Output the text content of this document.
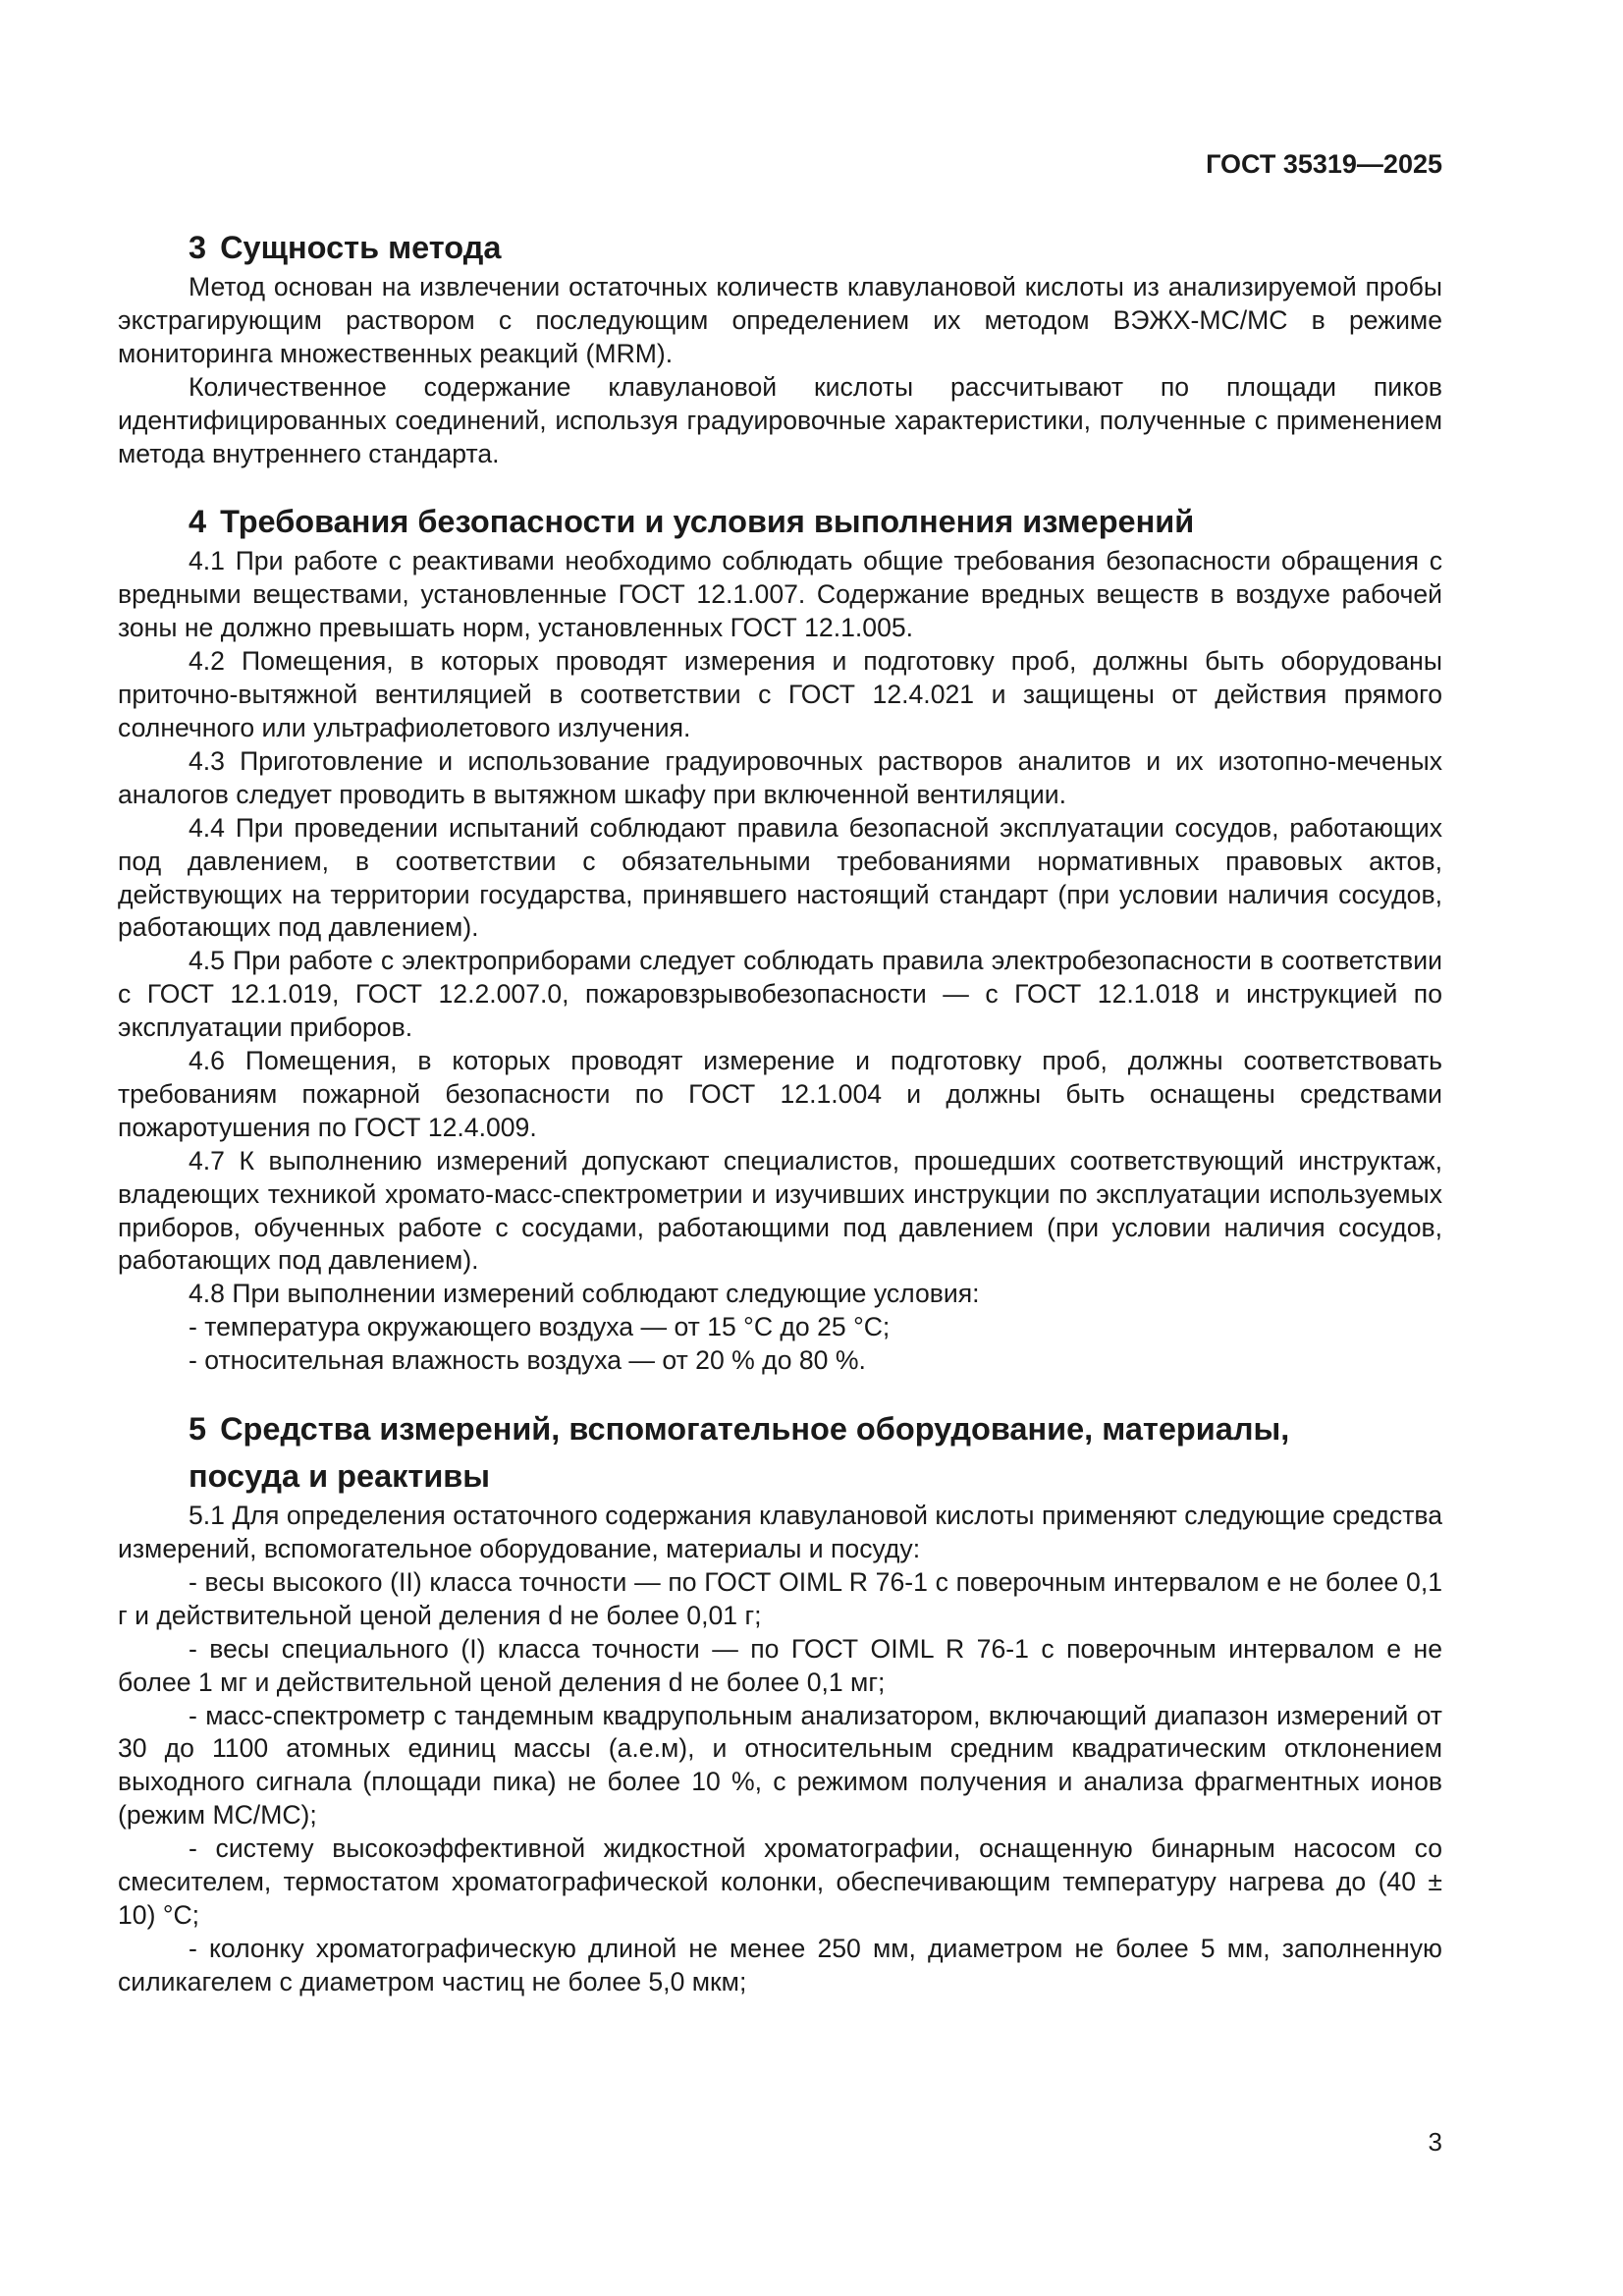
ГОСТ 35319—2025

3 Сущность метода

Метод основан на извлечении остаточных количеств клавулановой кислоты из анализируемой пробы экстрагирующим раствором с последующим определением их методом ВЭЖХ-МС/МС в режиме мониторинга множественных реакций (MRM).

Количественное содержание клавулановой кислоты рассчитывают по площади пиков идентифицированных соединений, используя градуировочные характеристики, полученные с применением метода внутреннего стандарта.

4 Требования безопасности и условия выполнения измерений

4.1 При работе с реактивами необходимо соблюдать общие требования безопасности обращения с вредными веществами, установленные ГОСТ 12.1.007. Содержание вредных веществ в воздухе рабочей зоны не должно превышать норм, установленных ГОСТ 12.1.005.

4.2 Помещения, в которых проводят измерения и подготовку проб, должны быть оборудованы приточно-вытяжной вентиляцией в соответствии с ГОСТ 12.4.021 и защищены от действия прямого солнечного или ультрафиолетового излучения.

4.3 Приготовление и использование градуировочных растворов аналитов и их изотопно-меченых аналогов следует проводить в вытяжном шкафу при включенной вентиляции.

4.4 При проведении испытаний соблюдают правила безопасной эксплуатации сосудов, работающих под давлением, в соответствии с обязательными требованиями нормативных правовых актов, действующих на территории государства, принявшего настоящий стандарт (при условии наличия сосудов, работающих под давлением).

4.5 При работе с электроприборами следует соблюдать правила электробезопасности в соответствии с ГОСТ 12.1.019, ГОСТ 12.2.007.0, пожаровзрывобезопасности — с ГОСТ 12.1.018 и инструкцией по эксплуатации приборов.

4.6 Помещения, в которых проводят измерение и подготовку проб, должны соответствовать требованиям пожарной безопасности по ГОСТ 12.1.004 и должны быть оснащены средствами пожаротушения по ГОСТ 12.4.009.

4.7 К выполнению измерений допускают специалистов, прошедших соответствующий инструктаж, владеющих техникой хромато-масс-спектрометрии и изучивших инструкции по эксплуатации используемых приборов, обученных работе с сосудами, работающими под давлением (при условии наличия сосудов, работающих под давлением).

4.8 При выполнении измерений соблюдают следующие условия:

- температура окружающего воздуха — от 15 °С до 25 °С;

- относительная влажность воздуха — от 20 % до 80 %.

5 Средства измерений, вспомогательное оборудование, материалы,
посуда и реактивы

5.1 Для определения остаточного содержания клавулановой кислоты применяют следующие средства измерений, вспомогательное оборудование, материалы и посуду:

- весы высокого (II) класса точности — по ГОСТ OIML R 76-1 с поверочным интервалом е не более 0,1 г и действительной ценой деления d не более 0,01 г;

- весы специального (I) класса точности — по ГОСТ OIML R 76-1 с поверочным интервалом е не более 1 мг и действительной ценой деления d не более 0,1 мг;

- масс-спектрометр с тандемным квадрупольным анализатором, включающий диапазон измерений от 30 до 1100 атомных единиц массы (а.е.м), и относительным средним квадратическим отклонением выходного сигнала (площади пика) не более 10 %, с режимом получения и анализа фрагментных ионов (режим МС/МС);

- систему высокоэффективной жидкостной хроматографии, оснащенную бинарным насосом со смесителем, термостатом хроматографической колонки, обеспечивающим температуру нагрева до (40 ± 10) °С;

- колонку хроматографическую длиной не менее 250 мм, диаметром не более 5 мм, заполненную силикагелем с диаметром частиц не более 5,0 мкм;

3
